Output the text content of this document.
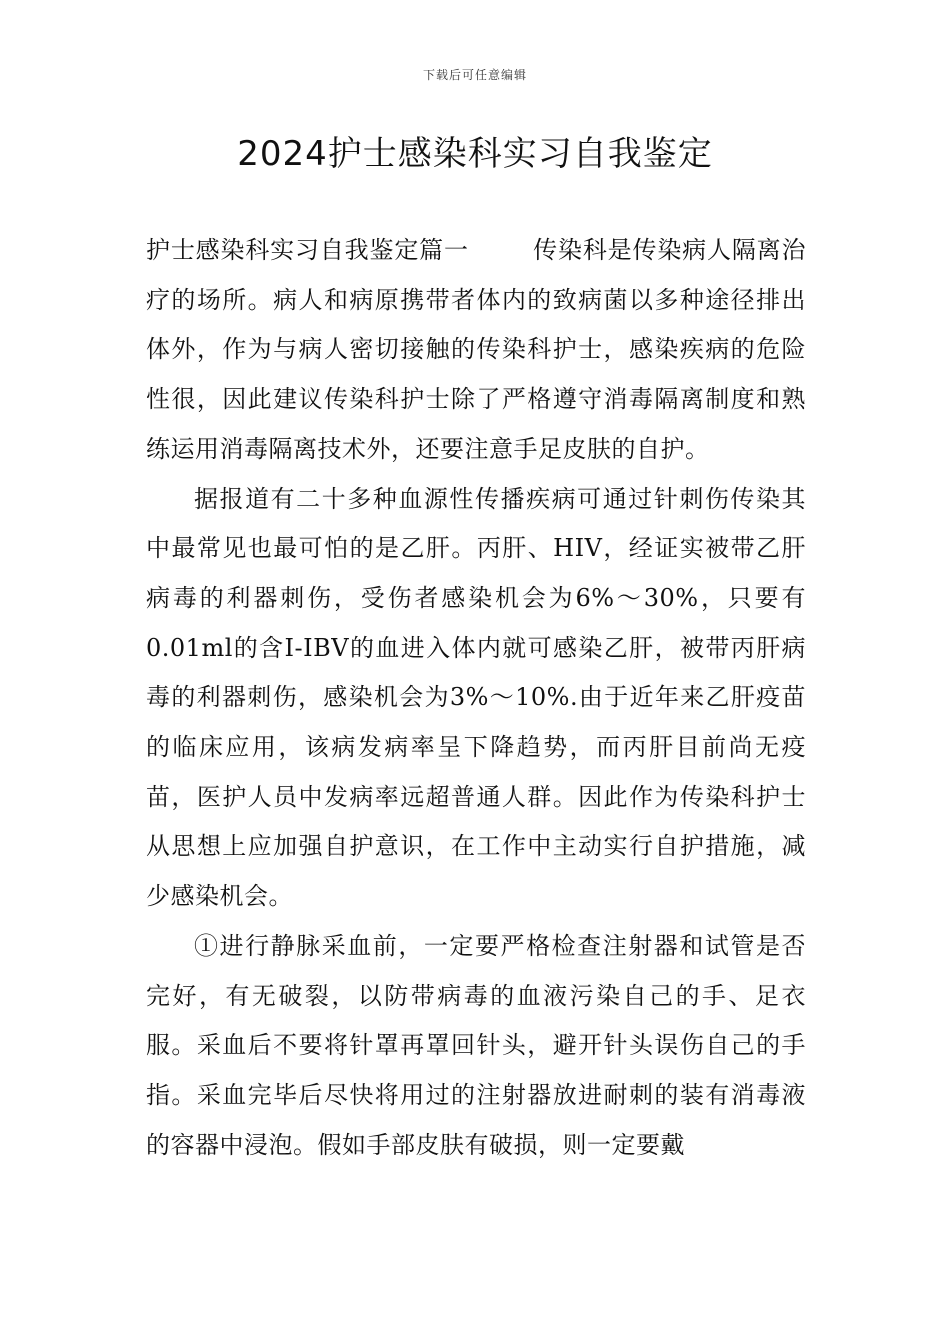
下载后可任意编辑
2024护士感染科实习自我鉴定

护士感染科实习自我鉴定篇一	传染科是传染病人隔离治疗的场所。病人和病原携带者体内的致病菌以多种途径排出体外，作为与病人密切接触的传染科护士，感染疾病的危险性很，因此建议传染科护士除了严格遵守消毒隔离制度和熟练运用消毒隔离技术外，还要注意手足皮肤的自护。

据报道有二十多种血源性传播疾病可通过针刺伤传染其中最常见也最可怕的是乙肝。丙肝、HIV，经证实被带乙肝病毒的利器刺伤，受伤者感染机会为6%～30%，只要有0.01ml的含I-IBV的血进入体内就可感染乙肝，被带丙肝病毒的利器刺伤，感染机会为3%～10%.由于近年来乙肝疫苗的临床应用，该病发病率呈下降趋势，而丙肝目前尚无疫苗，医护人员中发病率远超普通人群。因此作为传染科护士从思想上应加强自护意识，在工作中主动实行自护措施，减少感染机会。

①进行静脉采血前，一定要严格检查注射器和试管是否完好，有无破裂，以防带病毒的血液污染自己的手、足衣服。采血后不要将针罩再罩回针头，避开针头误伤自己的手指。采血完毕后尽快将用过的注射器放进耐刺的装有消毒液的容器中浸泡。假如手部皮肤有破损，则一定要戴
